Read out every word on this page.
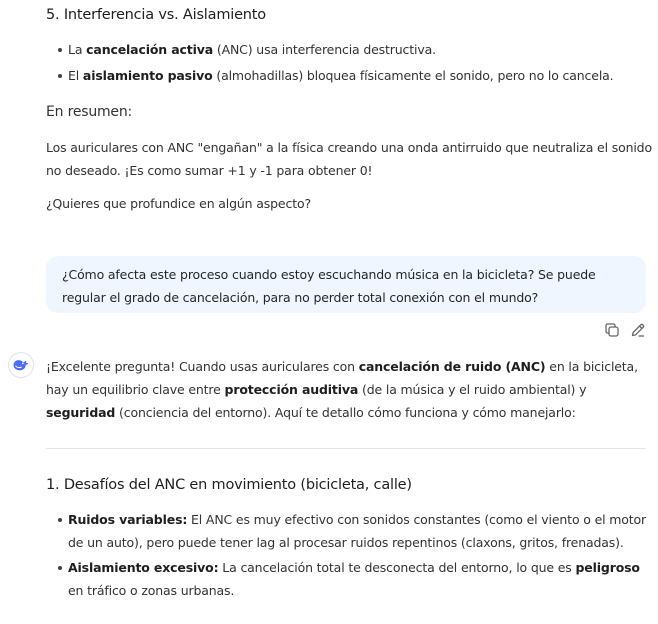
5. Interferencia vs. Aislamiento
La cancelación activa (ANC) usa interferencia destructiva.
El aislamiento pasivo (almohadillas) bloquea físicamente el sonido, pero no lo cancela.
En resumen:

Los auriculares con ANC "engañan" a la física creando una onda antirruido que neutraliza el sonido no deseado. ¡Es como sumar +1 y -1 para obtener 0!

¿Quieres que profundice en algún aspecto?

¿Cómo afecta este proceso cuando estoy escuchando música en la bicicleta? Se puede regular el grado de cancelación, para no perder total conexión con el mundo?

¡Excelente pregunta! Cuando usas auriculares con cancelación de ruido (ANC) en la bicicleta, hay un equilibrio clave entre protección auditiva (de la música y el ruido ambiental) y seguridad (conciencia del entorno). Aquí te detallo cómo funciona y cómo manejarlo:

1. Desafíos del ANC en movimiento (bicicleta, calle)
Ruidos variables: El ANC es muy efectivo con sonidos constantes (como el viento o el motor de un auto), pero puede tener lag al procesar ruidos repentinos (claxons, gritos, frenadas).
Aislamiento excesivo: La cancelación total te desconecta del entorno, lo que es peligroso en tráfico o zonas urbanas.
